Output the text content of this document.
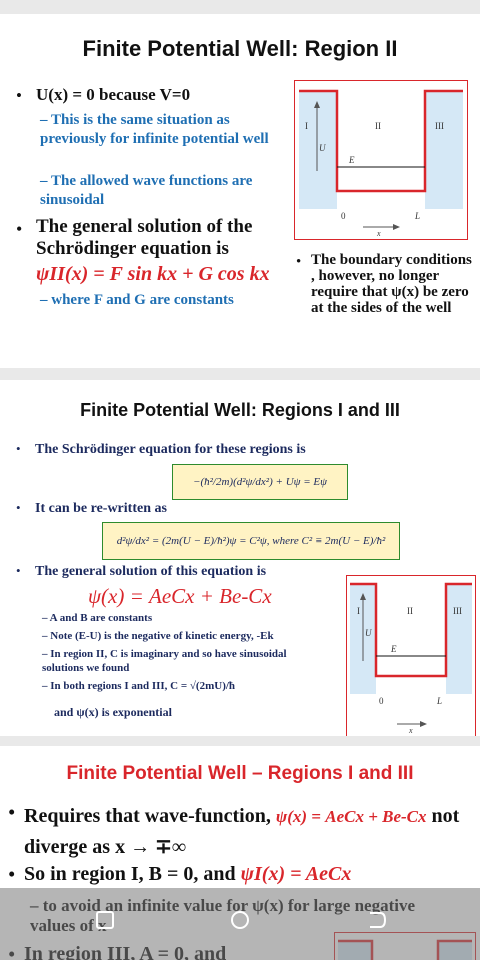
Finite Potential Well: Region II
• U(x) = 0 because V=0
– This is the same situation as previously for infinite potential well
– The allowed wave functions are sinusoidal
• The general solution of the Schrödinger equation is
ψII(x) = F sin kx + G cos kx
– where F and G are constants
• The boundary conditions , however, no longer require that ψ(x) be zero at the sides of the well
I	II	III
U
E
0	L
x
Finite Potential Well: Regions I and III
• The Schrödinger equation for these regions is
−(ħ²/2m)(d²ψ/dx²) + Uψ = Eψ
• It can be re-written as
d²ψ/dx² = (2m(U − E)/ħ²)ψ = C²ψ, where C² ≡ 2m(U − E)/ħ²
• The general solution of this equation is
ψ(x) = AeCx + Be-Cx
– A and B are constants
– Note (E-U) is the negative of kinetic energy, -Ek
– In region II, C is imaginary and so have sinusoidal solutions we found
– In both regions I and III, C = √(2mU)/ħ
and ψ(x) is exponential
I	II	III
U
E
0	L
x
Finite Potential Well – Regions I and III
• Requires that wave-function, ψ(x) = AeCx + Be-Cx not diverge as x → ∓∞
• So in region I, B = 0, and ψI(x) = AeCx
